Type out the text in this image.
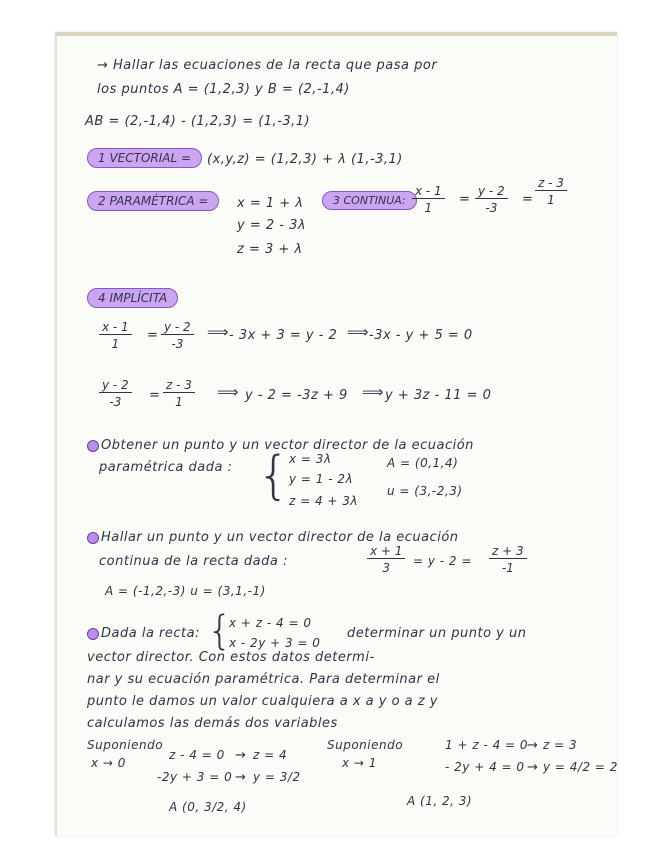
→ Hallar las ecuaciones de la recta que pasa por
los puntos A = (1,2,3) y B = (2,-1,4)
AB = (2,-1,4) - (1,2,3) = (1,-3,1)
1 VECTORIAL =	(x,y,z) = (1,2,3) + λ (1,-3,1)
2 PARAMÉTRICA =	x = 1 + λ
y = 2 - 3λ
z = 3 + λ
3 CONTINUA: $\frac{x - 1}{1} = \frac{y - 2}{-3} = \frac{z - 3}{1}$
4 IMPLÍCITA
$\frac{x - 1}{1} = \frac{y - 2}{-3}$ ⟹ - 3x + 3 = y - 2 ⟹ -3x - y + 5 = 0
$\frac{y - 2}{-3} = \frac{z - 3}{1}$ ⟹ y - 2 = -3z + 9 ⟹ y + 3z - 11 = 0
Obtener un punto y un vector director de la ecuación
paramétrica dada : {
x = 3λ
y = 1 - 2λ
z = 4 + 3λ
A = (0,1,4)
u = (3,-2,3)
Hallar un punto y un vector director de la ecuación
continua de la recta dada :	$\frac{x + 1}{3} = y - 2 = \frac{z + 3}{-1}$
A = (-1,2,-3) u = (3,1,-1)
Dada la recta: {
x + z - 4 = 0
x - 2y + 3 = 0
determinar un punto y un
vector director. Con estos datos determi-
nar y su ecuación paramétrica. Para determinar el
punto le damos un valor cualquiera a x a y o a z y
calculamos las demás dos variables
Suponiendo
x → 0
z - 4 = 0
-2y + 3 = 0
→
→
z = 4
y = 3/2
A (0, 3/2, 4)
Suponiendo
x → 1
1 + z - 4 = 0
- 2y + 4 = 0
→
→
z = 3
y = 4/2 = 2
A (1, 2, 3)
